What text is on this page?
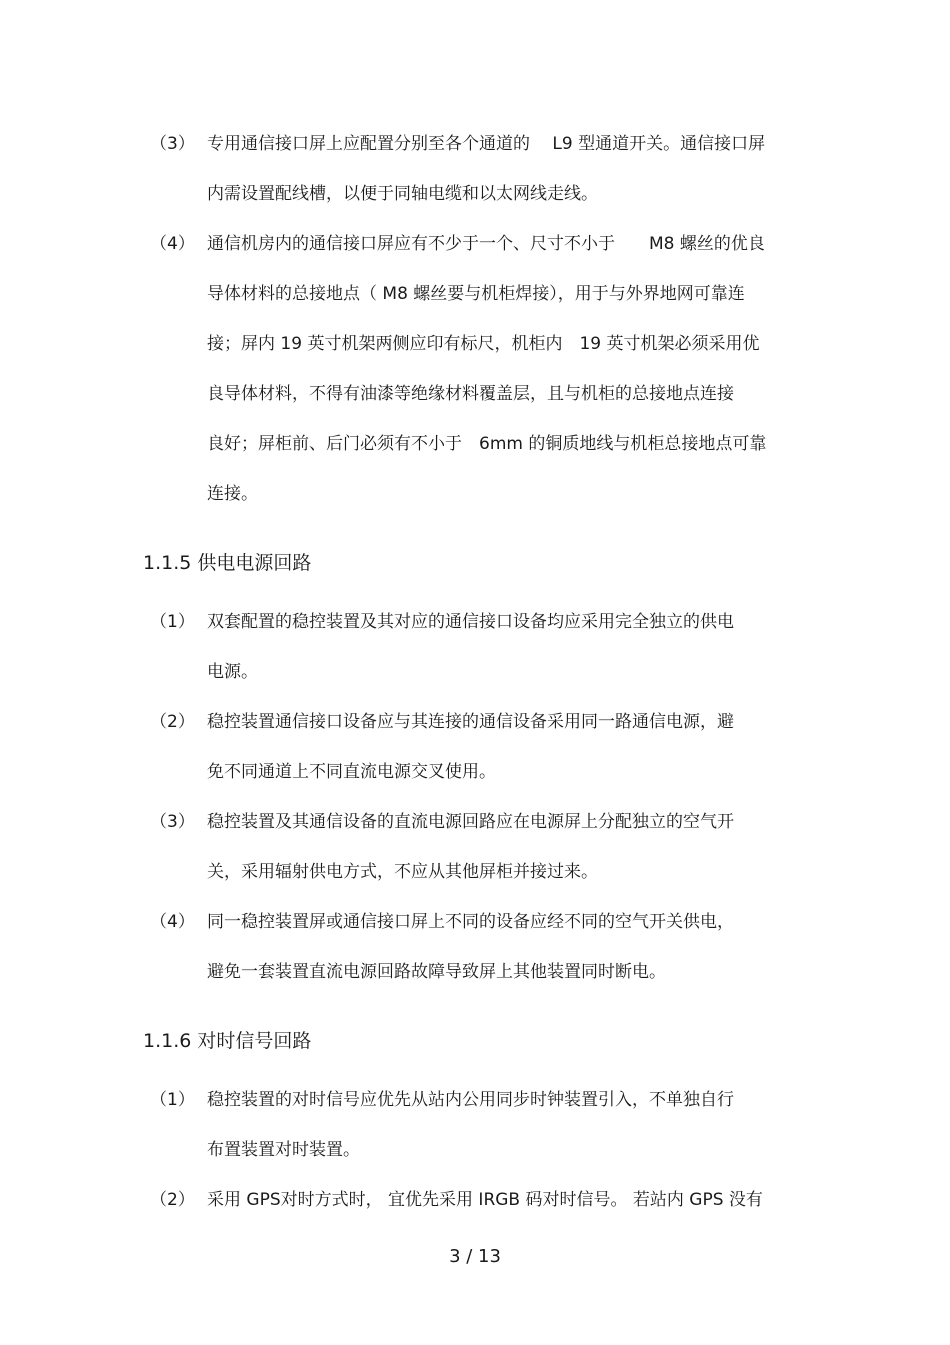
（3） 专用通信接口屏上应配置分别至各个通道的　 L9 型通道开关。通信接口屏
内需设置配线槽，以便于同轴电缆和以太网线走线。
（4） 通信机房内的通信接口屏应有不少于一个、尺寸不小于　　M8 螺丝的优良
导体材料的总接地点（ M8 螺丝要与机柜焊接），用于与外界地网可靠连
接；屏内 19 英寸机架两侧应印有标尺，机柜内　19 英寸机架必须采用优
良导体材料，不得有油漆等绝缘材料覆盖层，且与机柜的总接地点连接
良好；屏柜前、后门必须有不小于　6mm 的铜质地线与机柜总接地点可靠
连接。
1.1.5 供电电源回路
（1） 双套配置的稳控装置及其对应的通信接口设备均应采用完全独立的供电
电源。
（2） 稳控装置通信接口设备应与其连接的通信设备采用同一路通信电源，避
免不同通道上不同直流电源交叉使用。
（3） 稳控装置及其通信设备的直流电源回路应在电源屏上分配独立的空气开
关，采用辐射供电方式，不应从其他屏柜并接过来。
（4） 同一稳控装置屏或通信接口屏上不同的设备应经不同的空气开关供电，
避免一套装置直流电源回路故障导致屏上其他装置同时断电。
1.1.6 对时信号回路
（1） 稳控装置的对时信号应优先从站内公用同步时钟装置引入，不单独自行
布置装置对时装置。
（2） 采用 GPS对时方式时， 宜优先采用 IRGB 码对时信号。 若站内 GPS 没有
3 / 13
